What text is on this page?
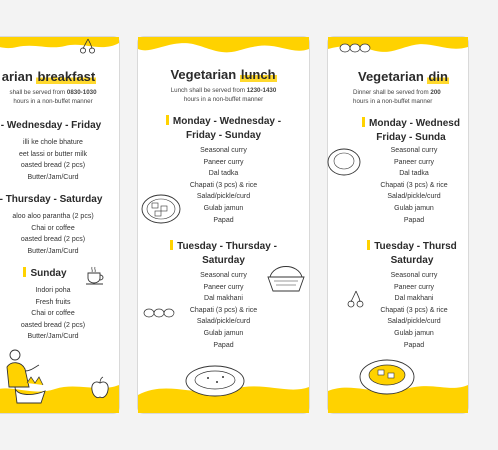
arian breakfast
shall be served from 0830-1030
hours in a non-buffet manner
- Wednesday - Friday
illi ke chole bhature
eet lassi or butter milk
oasted bread (2 pcs)
Butter/Jam/Curd
- Thursday - Saturday
aloo aloo parantha (2 pcs)
Chai or coffee
oasted bread (2 pcs)
Butter/Jam/Curd
Sunday
Indori poha
Fresh fruits
Chai or coffee
oasted bread (2 pcs)
Butter/Jam/Curd
Vegetarian lunch
Lunch shall be served from 1230-1430
hours in a non-buffet manner
Monday - Wednesday -
Friday - Sunday
Seasonal curry
Paneer curry
Dal tadka
Chapati (3 pcs) & rice
Salad/pickle/curd
Gulab jamun
Papad
Tuesday - Thursday -
Saturday
Seasonal curry
Paneer curry
Dal makhani
Chapati (3 pcs) & rice
Salad/pickle/curd
Gulab jamun
Papad
Vegetarian din
Dinner shall be served from 200
hours in a non-buffet manner
Monday - Wednesd
Friday - Sunda
Seasonal curry
Paneer curry
Dal tadka
Chapati (3 pcs) & rice
Salad/pickle/curd
Gulab jamun
Papad
Tuesday - Thursd
Saturday
Seasonal curry
Paneer curry
Dal makhani
Chapati (3 pcs) & rice
Salad/pickle/curd
Gulab jamun
Papad
